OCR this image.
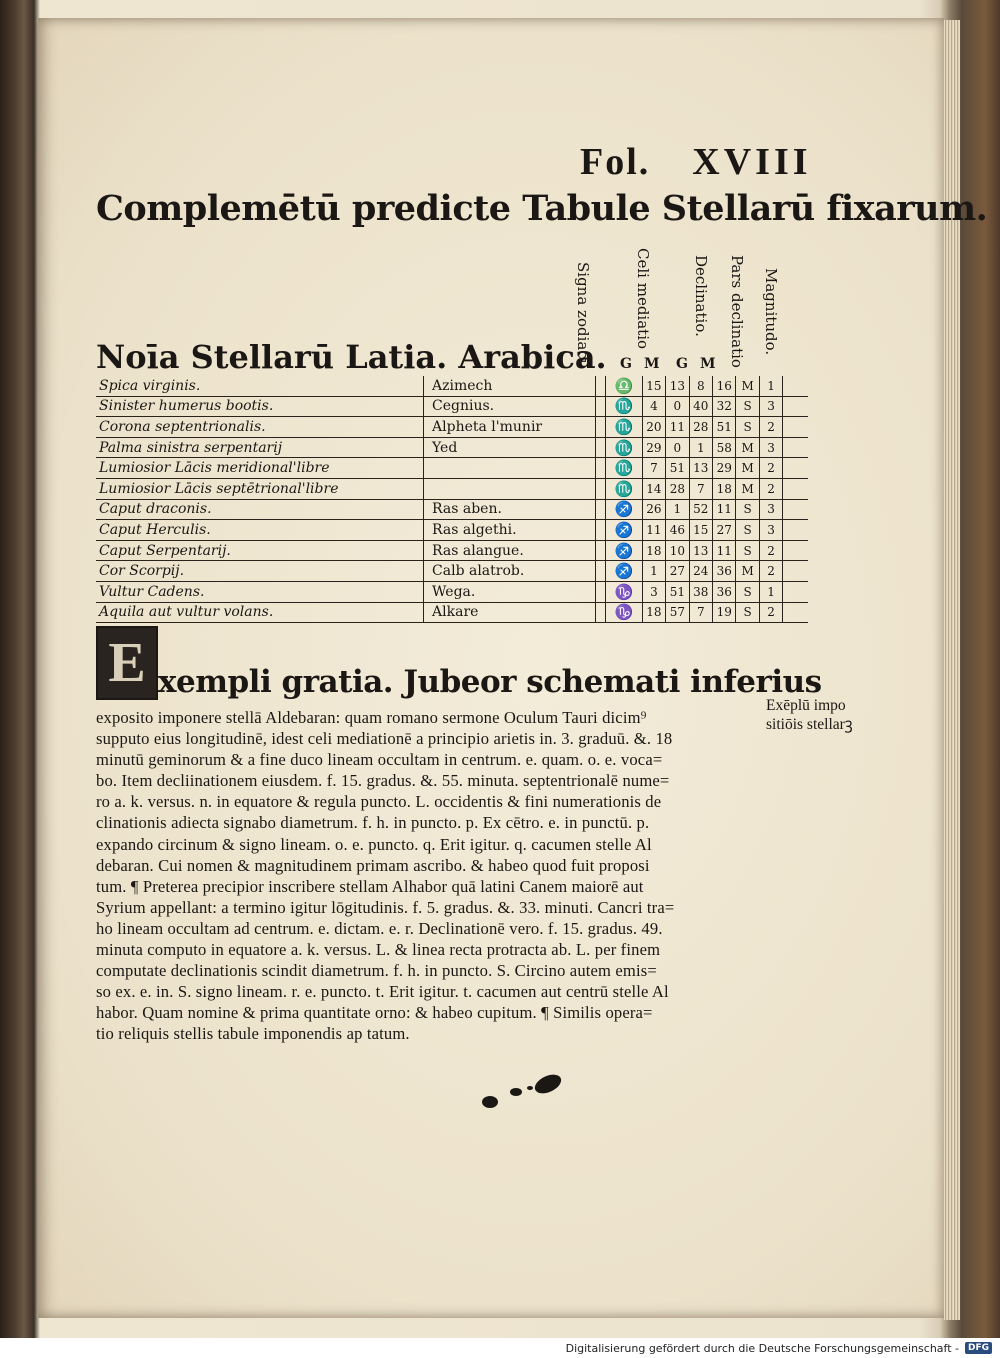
Fol. XVIII
Complemētū predicte Tabule Stellarū fixarum.
Noīa Stellarū Latia. Arabica.
Signa zodiaci	Celi mediatio	Declinatio. Pars declinatio Magnitudo.
G M G M
Spica virginis.	Azimech		♎	15	13	8	16	M	1	
Sinister humerus bootis.	Cegnius.		♏	4	0	40	32	S	3	
Corona septentrionalis.	Alpheta l'munir		♏	20	11	28	51	S	2	
Palma sinistra serpentarij	Yed		♏	29	0	1	58	M	3	
Lumiosior Lācis meridional'libre			♏	7	51	13	29	M	2	
Lumiosior Lācis septētrional'libre			♏	14	28	7	18	M	2	
Caput draconis.	Ras aben.		♐	26	1	52	11	S	3	
Caput Herculis.	Ras algethi.		♐	11	46	15	27	S	3	
Caput Serpentarij.	Ras alangue.		♐	18	10	13	11	S	2	
Cor Scorpij.	Calb alatrob.		♐	1	27	24	36	M	2	
Vultur Cadens.	Wega.		♑	3	51	38	36	S	1	
Aquila aut vultur volans.	Alkare		♑	18	57	7	19	S	2	
E xempli gratia. Jubeor schemati inferius
exposito imponere stellā Aldebaran: quam romano sermone Oculum Tauri dicim⁹
supputo eius longitudinē, idest celi mediationē a principio arietis in. 3. graduū. &. 18
minutū geminorum & a fine duco lineam occultam in centrum. e. quam. o. e. voca=
bo. Item decliinationem eiusdem. f. 15. gradus. &. 55. minuta. septentrionalē nume=
ro a. k. versus. n. in equatore & regula puncto. L. occidentis & fini numerationis de
clinationis adiecta signabo diametrum. f. h. in puncto. p. Ex cētro. e. in punctū. p.
expando circinum & signo lineam. o. e. puncto. q. Erit igitur. q. cacumen stelle Al
debaran. Cui nomen & magnitudinem primam ascribo. & habeo quod fuit proposi
tum. ¶ Preterea precipior inscribere stellam Alhabor quā latini Canem maiorē aut
Syrium appellant: a termino igitur lōgitudinis. f. 5. gradus. &. 33. minuti. Cancri tra=
ho lineam occultam ad centrum. e. dictam. e. r. Declinationē vero. f. 15. gradus. 49.
minuta computo in equatore a. k. versus. L. & linea recta protracta ab. L. per finem
computate declinationis scindit diametrum. f. h. in puncto. S. Circino autem emis=
so ex. e. in. S. signo lineam. r. e. puncto. t. Erit igitur. t. cacumen aut centrū stelle Al
habor. Quam nomine & prima quantitate orno: & habeo cupitum. ¶ Similis opera=
tio reliquis stellis tabule imponendis ap tatum.
Exēplū impo
sitiōis stellarꝫ
Digitalisierung gefördert durch die Deutsche Forschungsgemeinschaft -	DFG
